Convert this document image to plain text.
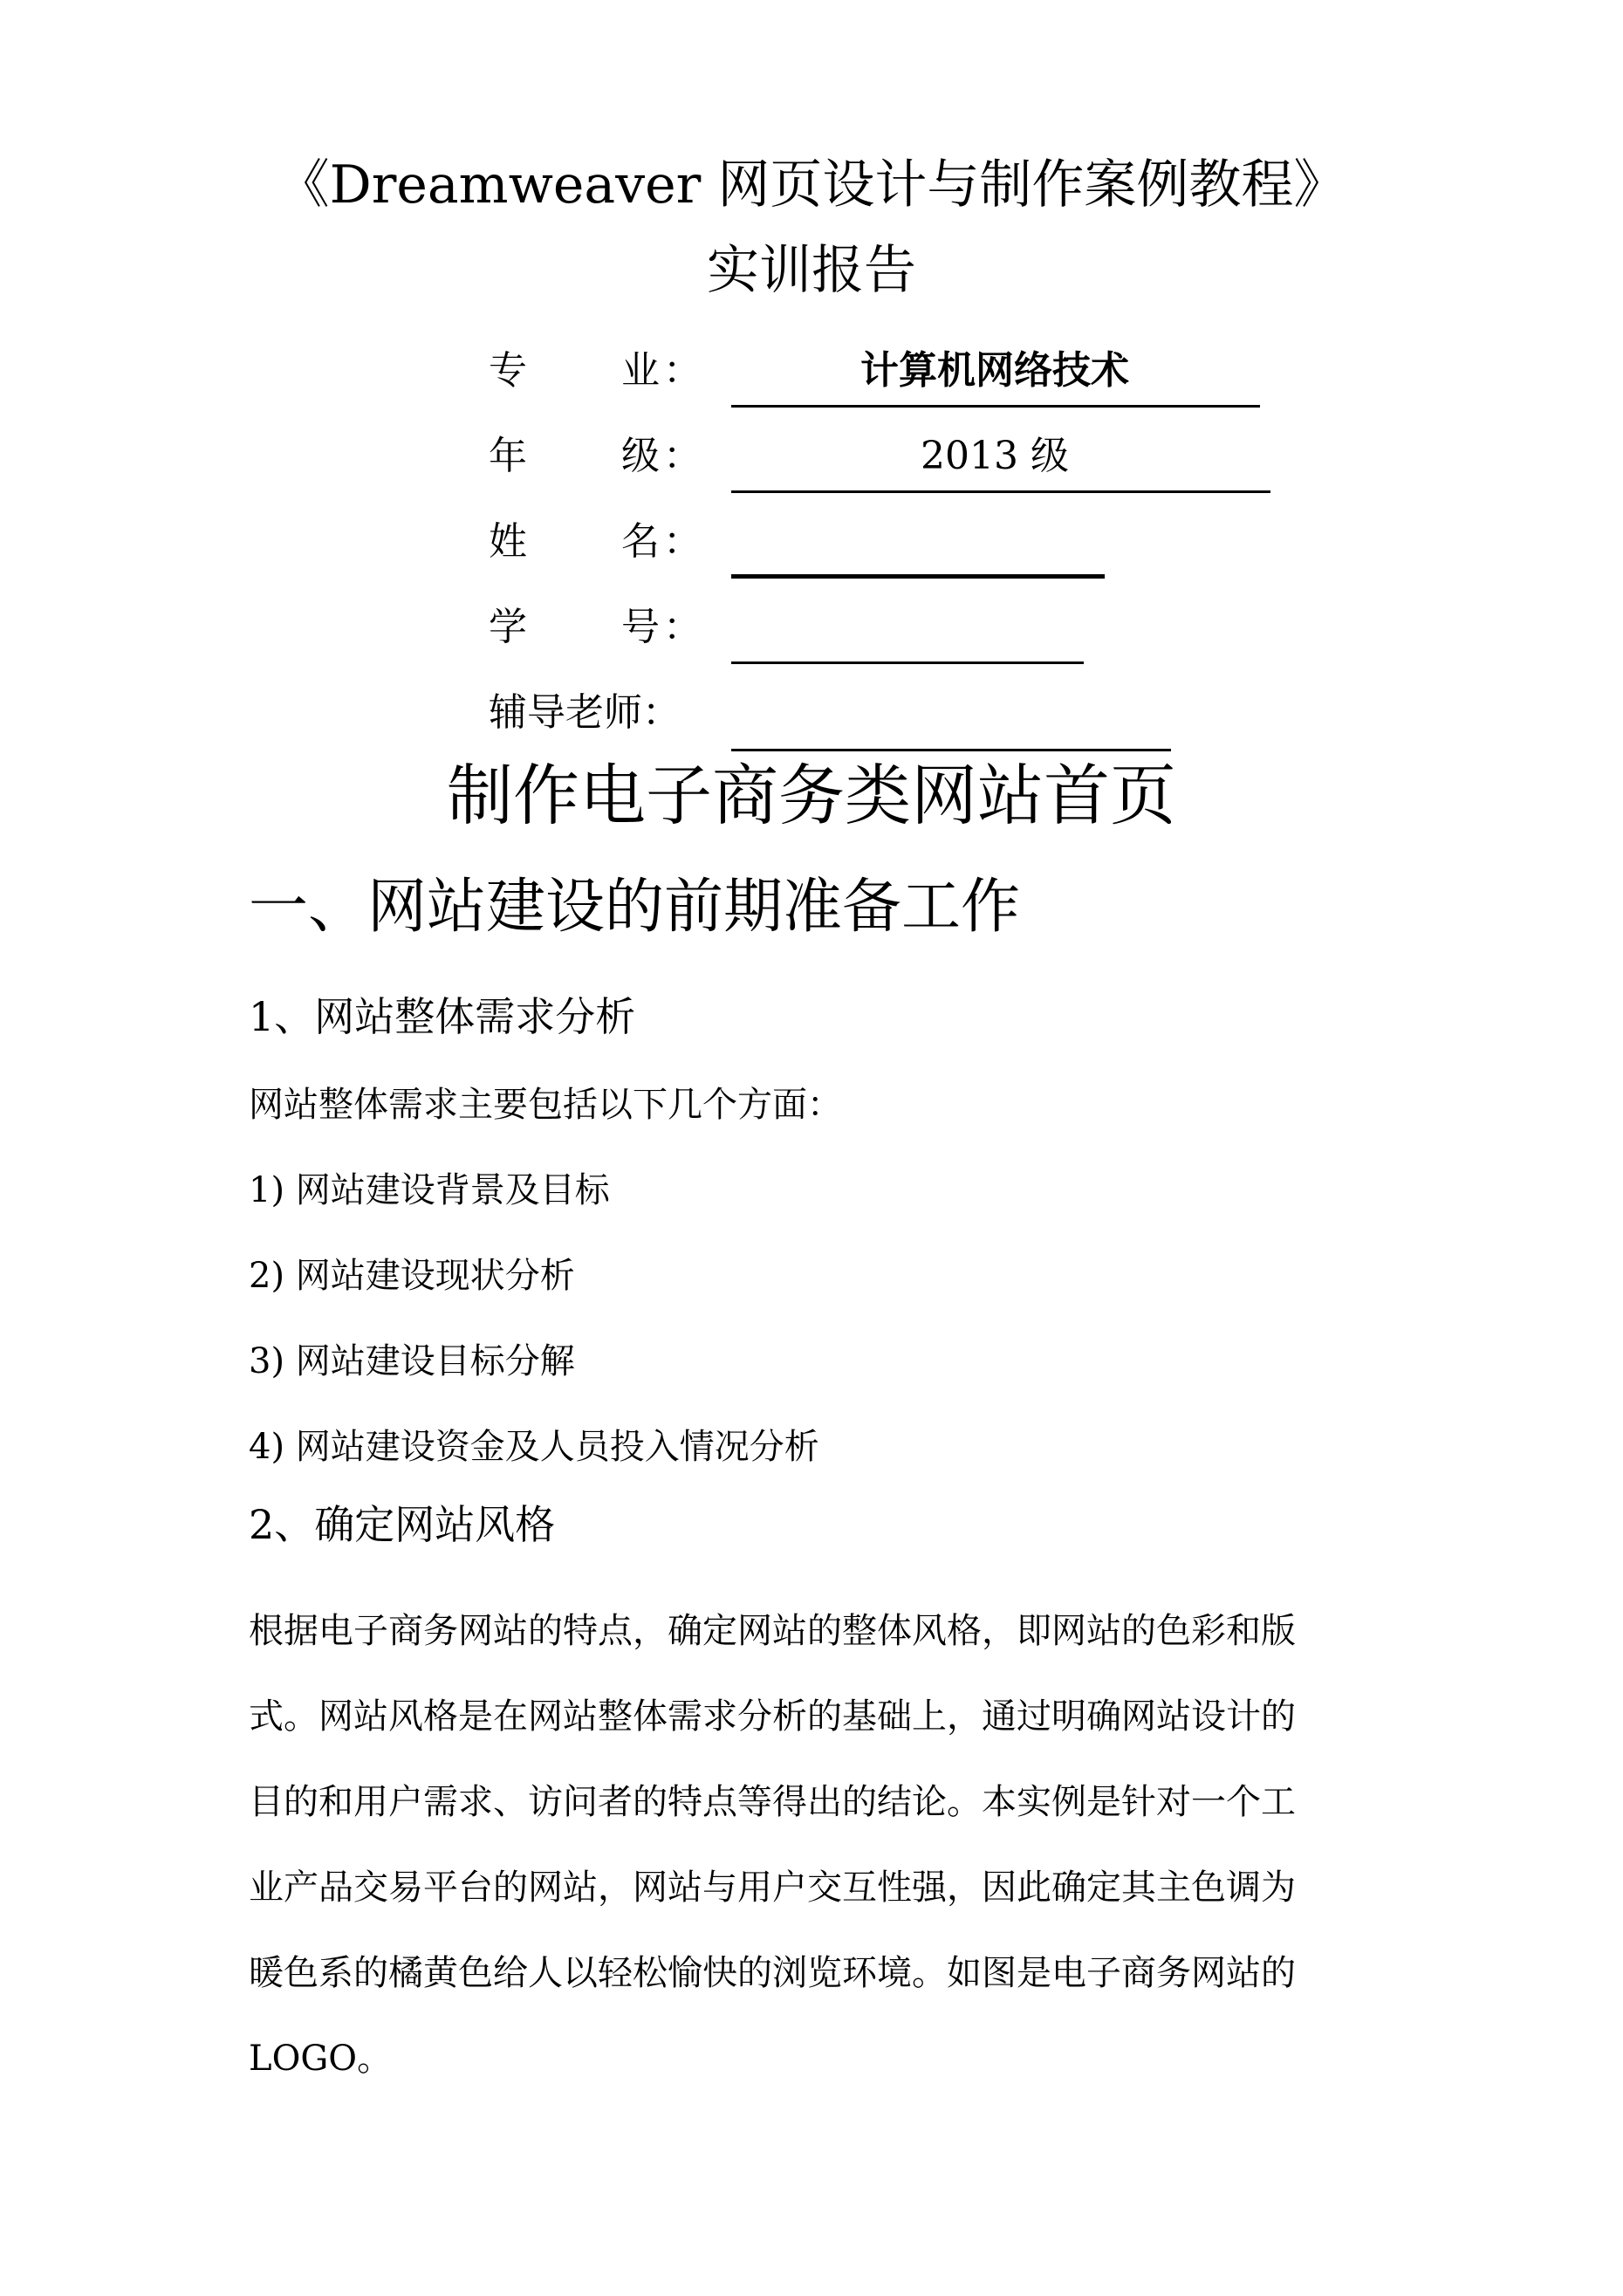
《Dreamweaver 网页设计与制作案例教程》
实训报告
专 业 ：	计算机网络技术
年 级 ：	2013 级
姓 名 ：
学 号 ：
辅导老师：
制作电子商务类网站首页
一、网站建设的前期准备工作
1、网站整体需求分析
网站整体需求主要包括以下几个方面：
1) 网站建设背景及目标
2) 网站建设现状分析
3) 网站建设目标分解
4) 网站建设资金及人员投入情况分析
2、确定网站风格
根据电子商务网站的特点，确定网站的整体风格，即网站的色彩和版
式。网站风格是在网站整体需求分析的基础上，通过明确网站设计的
目的和用户需求、访问者的特点等得出的结论。本实例是针对一个工
业产品交易平台的网站，网站与用户交互性强，因此确定其主色调为
暖色系的橘黄色给人以轻松愉快的浏览环境。如图是电子商务网站的
LOGO。
